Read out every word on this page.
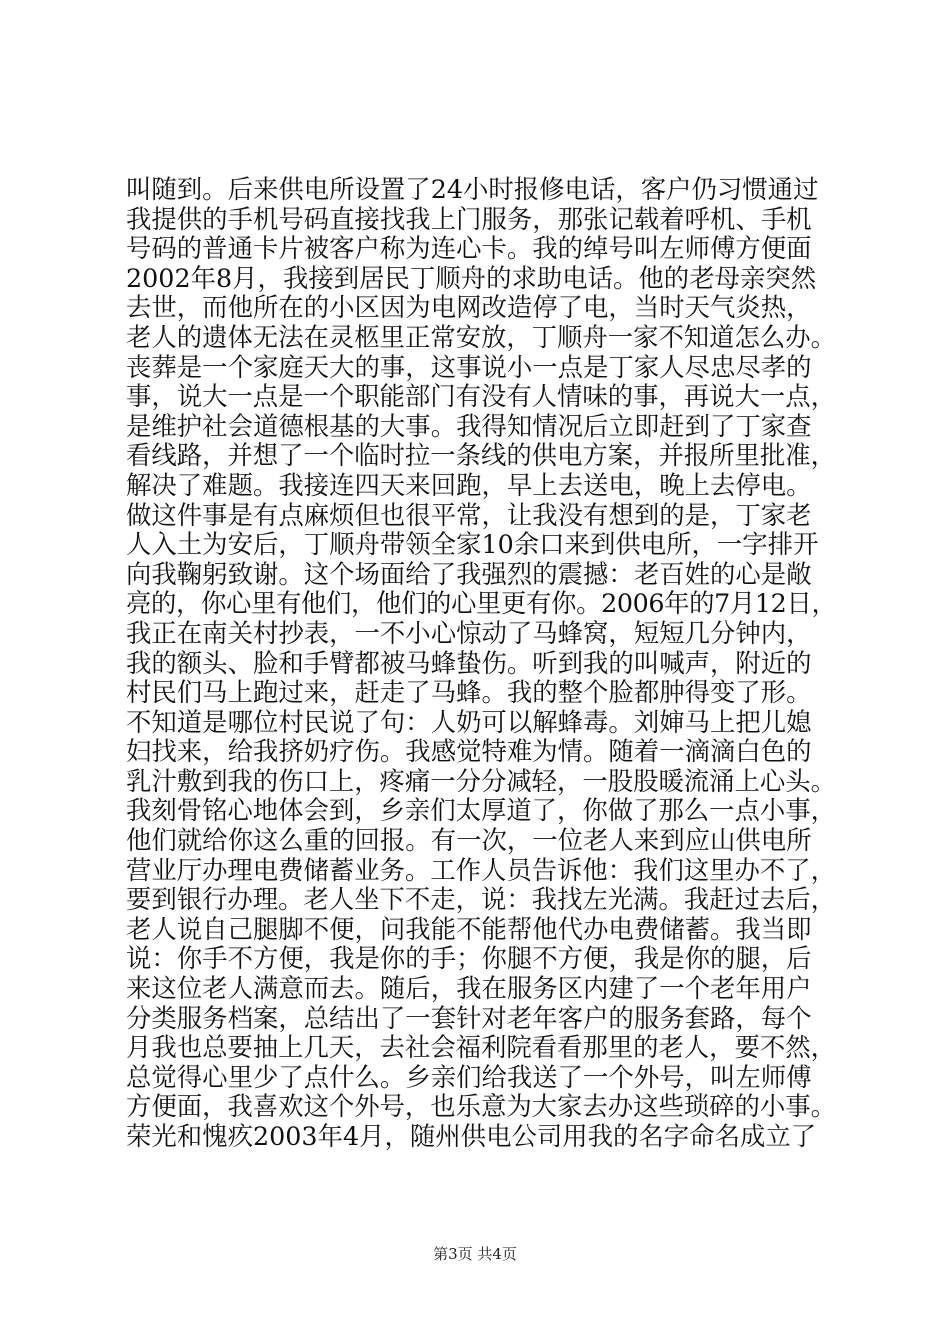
叫随到。后来供电所设置了24小时报修电话，客户仍习惯通过
我提供的手机号码直接找我上门服务，那张记载着呼机、手机
号码的普通卡片被客户称为连心卡。我的绰号叫左师傅方便面
2002年8月，我接到居民丁顺舟的求助电话。他的老母亲突然
去世，而他所在的小区因为电网改造停了电，当时天气炎热，
老人的遗体无法在灵柩里正常安放，丁顺舟一家不知道怎么办。
丧葬是一个家庭天大的事，这事说小一点是丁家人尽忠尽孝的
事，说大一点是一个职能部门有没有人情味的事，再说大一点，
是维护社会道德根基的大事。我得知情况后立即赶到了丁家查
看线路，并想了一个临时拉一条线的供电方案，并报所里批准，
解决了难题。我接连四天来回跑，早上去送电，晚上去停电。
做这件事是有点麻烦但也很平常，让我没有想到的是，丁家老
人入土为安后，丁顺舟带领全家10余口来到供电所，一字排开
向我鞠躬致谢。这个场面给了我强烈的震撼：老百姓的心是敞
亮的，你心里有他们，他们的心里更有你。2006年的7月12日，
我正在南关村抄表，一不小心惊动了马蜂窝，短短几分钟内，
我的额头、脸和手臂都被马蜂蛰伤。听到我的叫喊声，附近的
村民们马上跑过来，赶走了马蜂。我的整个脸都肿得变了形。
不知道是哪位村民说了句：人奶可以解蜂毒。刘婶马上把儿媳
妇找来，给我挤奶疗伤。我感觉特难为情。随着一滴滴白色的
乳汁敷到我的伤口上，疼痛一分分减轻，一股股暖流涌上心头。
我刻骨铭心地体会到，乡亲们太厚道了，你做了那么一点小事，
他们就给你这么重的回报。有一次，一位老人来到应山供电所
营业厅办理电费储蓄业务。工作人员告诉他：我们这里办不了，
要到银行办理。老人坐下不走，说：我找左光满。我赶过去后，
老人说自己腿脚不便，问我能不能帮他代办电费储蓄。我当即
说：你手不方便，我是你的手；你腿不方便，我是你的腿，后
来这位老人满意而去。随后，我在服务区内建了一个老年用户
分类服务档案，总结出了一套针对老年客户的服务套路，每个
月我也总要抽上几天，去社会福利院看看那里的老人，要不然，
总觉得心里少了点什么。乡亲们给我送了一个外号，叫左师傅
方便面，我喜欢这个外号，也乐意为大家去办这些琐碎的小事。
荣光和愧疚2003年4月，随州供电公司用我的名字命名成立了
第3页 共4页
